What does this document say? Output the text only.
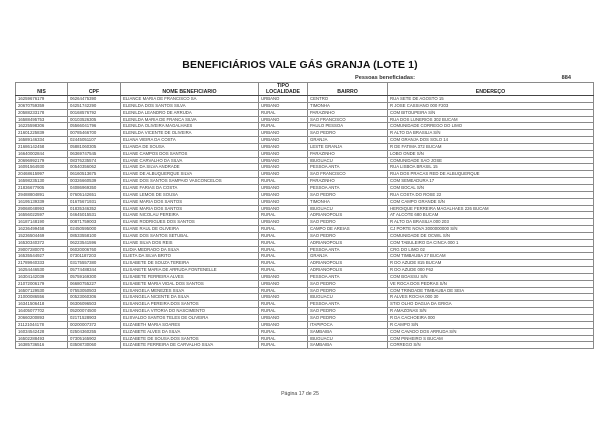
BENEFICIÁRIOS VALE GÁS GRANJA (LOTE 1)
Pessoas beneficiadas:	884
NIS	CPF	NOME BENEFICIARIO	TIPO LOCALIDADE	BAIRRO	ENDEREÇO
16259676179	06264475390	ELIANCE MARIA DE FRANCISCO SA	URBANO	CENTRO	RUA SETE DE AGOSTO 15
20670759359	04251742290	ELENILDA DOS SANTOS SILVA	URBANO	TIMONHA	R JOSE CASSIANO 000 F203
20588233178	00168576792	ELENILDA LEANDRO DE ARRUDA	RURAL	PARAZINHO	COM BITOUPEIRA S/N
16588495753	00103526305	ELENILDA MARIA DE FRANCA SILVA	URBANO	SAO FRANCISCO	RUA DOS LUNERIOS 302 BUCAM
16225598306	05566041796	ELENILDA OLIVEIRA MAGALHAES	RURAL	PAULO PESSOA	COMUNIDADE CORREGO DO LIMO
21601225839	00785466700	ELENILDA VICENTE DE OLIVEIRA	URBANO	SAO PEDRO	R ALTO DA BRASILIA S/N
16589146334	02445051107	ELIANA VIEIRA DA COSTA	URBANO	GRANJA	COM GRANJA DOS SOLO 14
21686142458	05881060305	ELIANDA DE SOUSA	URBANO	LESTE GRANJA	R DE FATIMA 372 BUCAM
16640002844	06369747545	ELIANE CAMPOS DOS SANTOS	URBANO	PARAZINHO	LOBO ONDE S/N
20696992179	08376235574	ELIANE CARVALHO DA SILVA	URBANO	IBUGUACU	COMUNIDADE SAO JOSE
16091564930	00540356062	ELIANE DA SILVA ANDRADE	URBANO	PESSOA ANTA	RUA LISBOA BRASIL 15
20468615997	06160513675	ELIANE DE ALBUQUERQUE SILVA	URBANO	SAO FRANCISCO	RUA DOS PRACAS RED DE ALBUQUERQUE
16598235130	00326660539	ELIANE DOS SANTOS SAMPAIO VASCONCELOS	RURAL	PARAZINHO	COM SEMEADURA 17
21836677905	04086969350	ELIANE FARIAS DA COSTA	URBANO	PESSOA ANTA	COM BOCAL S/N
29488804891	07605142651	ELIANE LEMOS DE SOUSA	URBANO	SAO PEDRO	RUA COSTA DO ROSE 22
16195139339	01675671931	ELIANE MARIA DOS SANTOS	URBANO	TIMONHA	COM CAMPO GRANDE S/N
29068048993	01835346352	ELIANE MARIA DOS SANTOS	URBANO	IBUGUACU	HEROIQUE FERREIRA MAGALHAES 226 BUCAM
16556022597	04645015531	ELIANE NICOLAU PEREIRA	RURAL	ADRIANOPOLIS	AT ALCOTE 680 BUCAM
16187148190	00871759003	ELIANE RODRIGUES DOS SANTOS	URBANO	SAO PEDRO	R ALTO DA BRASILIA 000 203
16236499458	02450595000	ELIANE RAUL DE OLIVEIRA	RURAL	CAMPO DE AREIAS	CJ PORTE NOVA 3000000000 S/N
15236504469	08533558100	ELIANE DOS SANTOS SETUBAL	RURAL	SAO PEDRO	COMUNIDADE DE OCWIL S/N
16530340372	06223541596	ELIANE SILVA DOS REIS	RURAL	ADRIANOPOLIS	COM TABULEIRO DA CINCA 000 1
29007280070	06020006760	ELIDIA MEDRADO DA SILVA	RURAL	PESSOA ANTA	CRG DO LIMO 02
16535544927	07301187203	ELIETA DA SILVA BRITO	RURAL	GRANJA	COM TIMBAUBA 27 BUCAM
21789940333	03175557380	ELISABETE DE SOUZA TEREIRA	RURAL	ADRIANOPOLIS	R DO AZUDE 815 BUCAM
16254446530	05774488344	ELISANETE MARIA DE ARRUDA FONTENELLE	RURAL	ADRIANOPOLIS	R DO AZUDE 000 F62
16304142039	05759169300	ELISABETE FERREIRA ALVES	URBANO	PESSOA ANTA	COM BOASSU S/N
21072006179	06680755227	ELISABETE MARIA VIDAL DOS SANTOS	URBANO	SAO PEDRO	VE ROCA DOS PEDRAS S/N
16507129530	07553050503	ELISANGELA MENEZES SILVA	RURAL	SAO PEDRO	COM TRINDADE TIMBAUBA DE SEIA
21000086556	00523060306	ELISANGELA NICENTE DA SILVA	URBANO	IBUGUACU	R ALVES ROCHA 000 30
16341506418	06306096503	ELISANGELA PEREIRA DOS SANTOS	RURAL	PESSOA ANTA	STIO OLHO DAGUA DA GRIGA
16405077702	05200074500	ELISANGELA VITORIA DO NASCIMENTO	RURAL	SAO PEDRO	R AMAZONAS S/N
20660200893	02171528903	ELISVALDO SANTOS TELES DE OLIVEIRA	URBANO	SAO PEDRO	R DA CACHOEIRA 000
21121044178	00200007372	ELIZABETH MARIA SOARES	URBANO	ITAPIPOCA	R CAMPO S/N
16034542428	02504360255	ELIZABETE ALVES DA SILVA	RURAL	SAMBAIBA	COM CAVADO DOS ARRUDA S/N
16502288493	07305165902	ELIZABETE DE SOUSA DOS SANTOS	RURAL	IBUGUACU	COM PINHEIRO S BUCAM
16385736516	03508730060	ELIZABETE FERREIRA DE CARVALHO SILVA	RURAL	SAMBAIBA	CORREGO S/N
Página 17 de 25
